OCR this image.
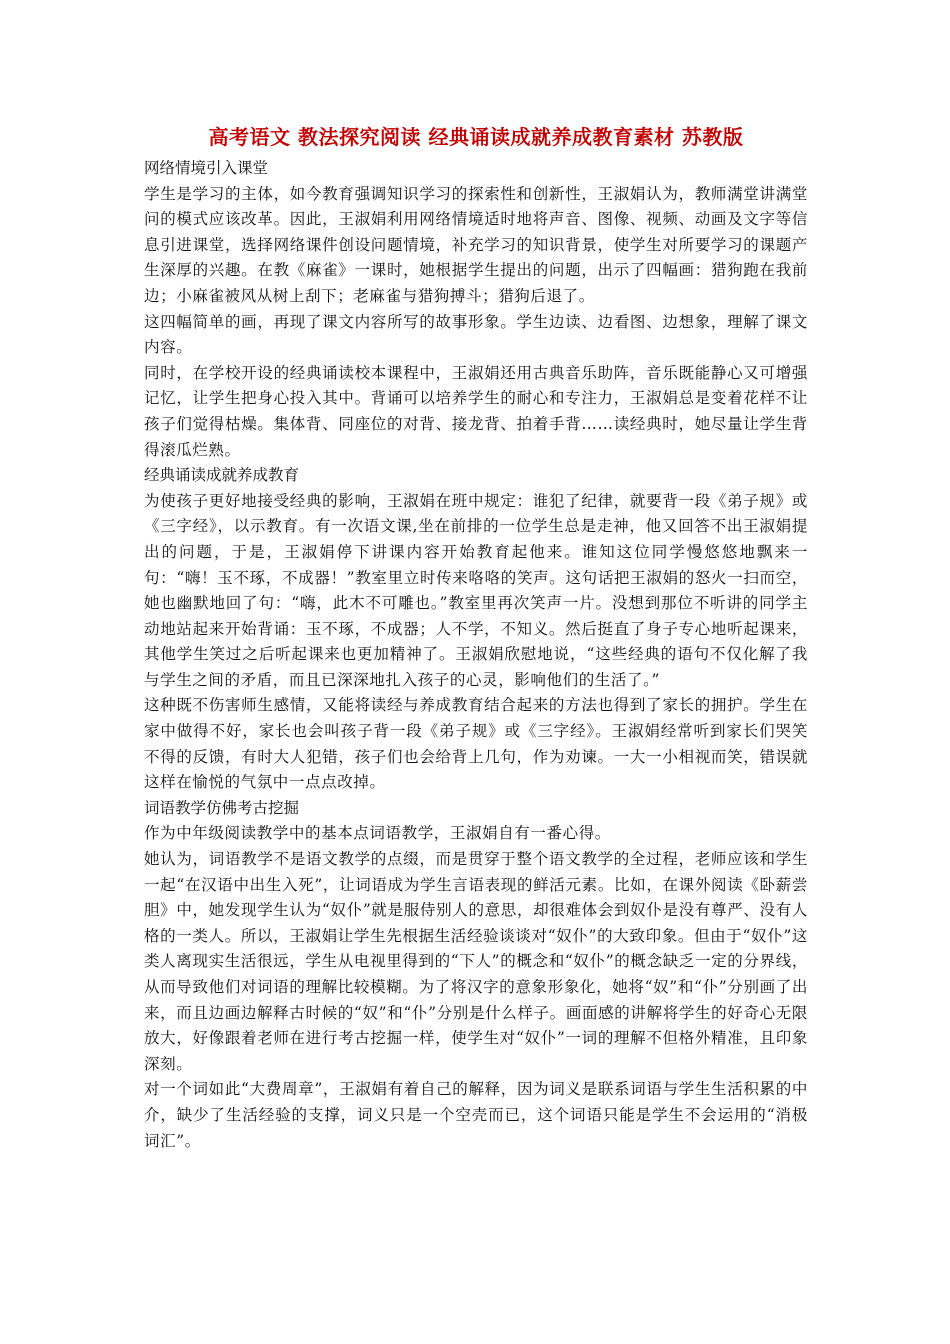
高考语文 教法探究阅读 经典诵读成就养成教育素材 苏教版

网络情境引入课堂

学生是学习的主体，如今教育强调知识学习的探索性和创新性，王淑娟认为，教师满堂讲满堂问的模式应该改革。因此，王淑娟利用网络情境适时地将声音、图像、视频、动画及文字等信息引进课堂，选择网络课件创设问题情境，补充学习的知识背景，使学生对所要学习的课题产生深厚的兴趣。在教《麻雀》一课时，她根据学生提出的问题，出示了四幅画：猎狗跑在我前边；小麻雀被风从树上刮下；老麻雀与猎狗搏斗；猎狗后退了。

这四幅简单的画，再现了课文内容所写的故事形象。学生边读、边看图、边想象，理解了课文内容。

同时，在学校开设的经典诵读校本课程中，王淑娟还用古典音乐助阵，音乐既能静心又可增强记忆，让学生把身心投入其中。背诵可以培养学生的耐心和专注力，王淑娟总是变着花样不让孩子们觉得枯燥。集体背、同座位的对背、接龙背、拍着手背……读经典时，她尽量让学生背得滚瓜烂熟。

经典诵读成就养成教育

为使孩子更好地接受经典的影响，王淑娟在班中规定：谁犯了纪律，就要背一段《弟子规》或《三字经》，以示教育。有一次语文课,坐在前排的一位学生总是走神，他又回答不出王淑娟提出的问题，于是，王淑娟停下讲课内容开始教育起他来。谁知这位同学慢悠悠地飘来一句：“嗨！玉不琢，不成器！”教室里立时传来咯咯的笑声。这句话把王淑娟的怒火一扫而空，她也幽默地回了句：“嗨，此木不可雕也。”教室里再次笑声一片。没想到那位不听讲的同学主动地站起来开始背诵：玉不琢，不成器；人不学，不知义。然后挺直了身子专心地听起课来，其他学生笑过之后听起课来也更加精神了。王淑娟欣慰地说，“这些经典的语句不仅化解了我与学生之间的矛盾，而且已深深地扎入孩子的心灵，影响他们的生活了。”

这种既不伤害师生感情，又能将读经与养成教育结合起来的方法也得到了家长的拥护。学生在家中做得不好，家长也会叫孩子背一段《弟子规》或《三字经》。王淑娟经常听到家长们哭笑不得的反馈，有时大人犯错，孩子们也会给背上几句，作为劝谏。一大一小相视而笑，错误就这样在愉悦的气氛中一点点改掉。

词语教学仿佛考古挖掘

作为中年级阅读教学中的基本点词语教学，王淑娟自有一番心得。

她认为，词语教学不是语文教学的点缀，而是贯穿于整个语文教学的全过程，老师应该和学生一起“在汉语中出生入死”，让词语成为学生言语表现的鲜活元素。比如，在课外阅读《卧薪尝胆》中，她发现学生认为“奴仆”就是服侍别人的意思，却很难体会到奴仆是没有尊严、没有人格的一类人。所以，王淑娟让学生先根据生活经验谈谈对“奴仆”的大致印象。但由于“奴仆”这类人离现实生活很远，学生从电视里得到的“下人”的概念和“奴仆”的概念缺乏一定的分界线，从而导致他们对词语的理解比较模糊。为了将汉字的意象形象化，她将“奴”和“仆”分别画了出来，而且边画边解释古时候的“奴”和“仆”分别是什么样子。画面感的讲解将学生的好奇心无限放大，好像跟着老师在进行考古挖掘一样，使学生对“奴仆”一词的理解不但格外精准，且印象深刻。

对一个词如此“大费周章”，王淑娟有着自己的解释，因为词义是联系词语与学生生活积累的中介，缺少了生活经验的支撑，词义只是一个空壳而已，这个词语只能是学生不会运用的“消极词汇”。
